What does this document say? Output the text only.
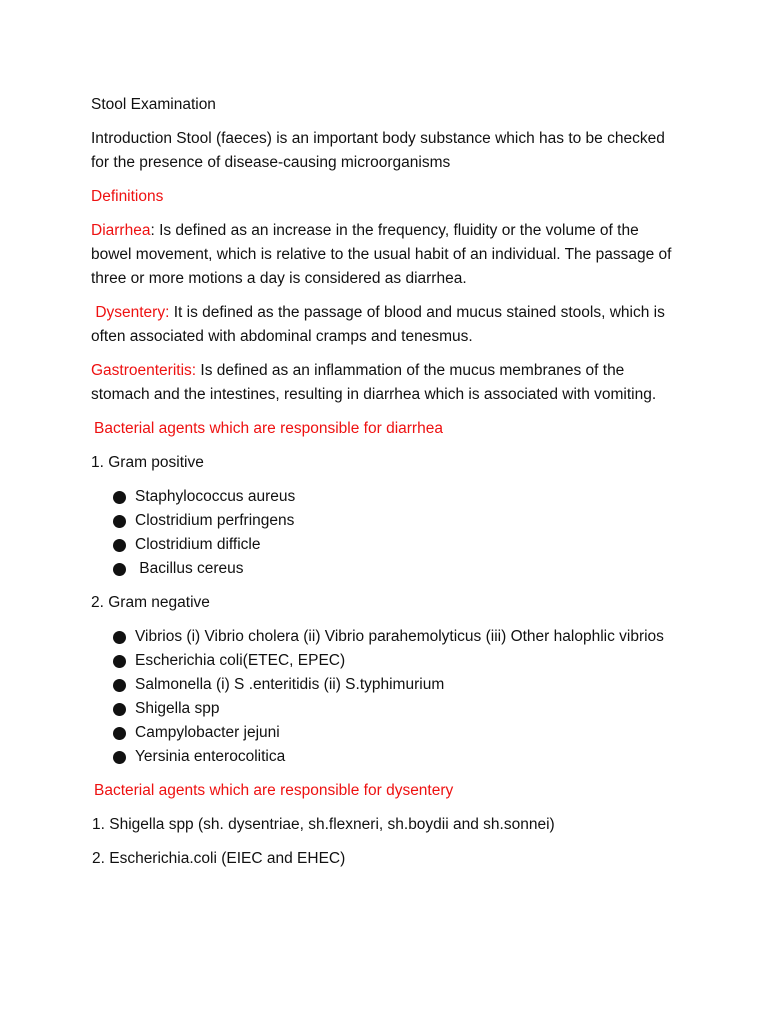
Stool Examination

Introduction Stool (faeces) is an important body substance which has to be checked for the presence of disease-causing microorganisms

Definitions

Diarrhea: Is defined as an increase in the frequency, fluidity or the volume of the bowel movement, which is relative to the usual habit of an individual. The passage of three or more motions a day is considered as diarrhea.

Dysentery: It is defined as the passage of blood and mucus stained stools, which is often associated with abdominal cramps and tenesmus.

Gastroenteritis: Is defined as an inflammation of the mucus membranes of the stomach and the intestines, resulting in diarrhea which is associated with vomiting.

Bacterial agents which are responsible for diarrhea

1. Gram positive

Staphylococcus aureus
Clostridium perfringens
Clostridium difficle
Bacillus cereus

2. Gram negative

Vibrios (i) Vibrio cholera (ii) Vibrio parahemolyticus (iii) Other halophlic vibrios
Escherichia coli(ETEC, EPEC)
Salmonella (i) S .enteritidis (ii) S.typhimurium
Shigella spp
Campylobacter jejuni
Yersinia enterocolitica

Bacterial agents which are responsible for dysentery

1. Shigella spp (sh. dysentriae, sh.flexneri, sh.boydii and sh.sonnei)

2. Escherichia.coli (EIEC and EHEC)
